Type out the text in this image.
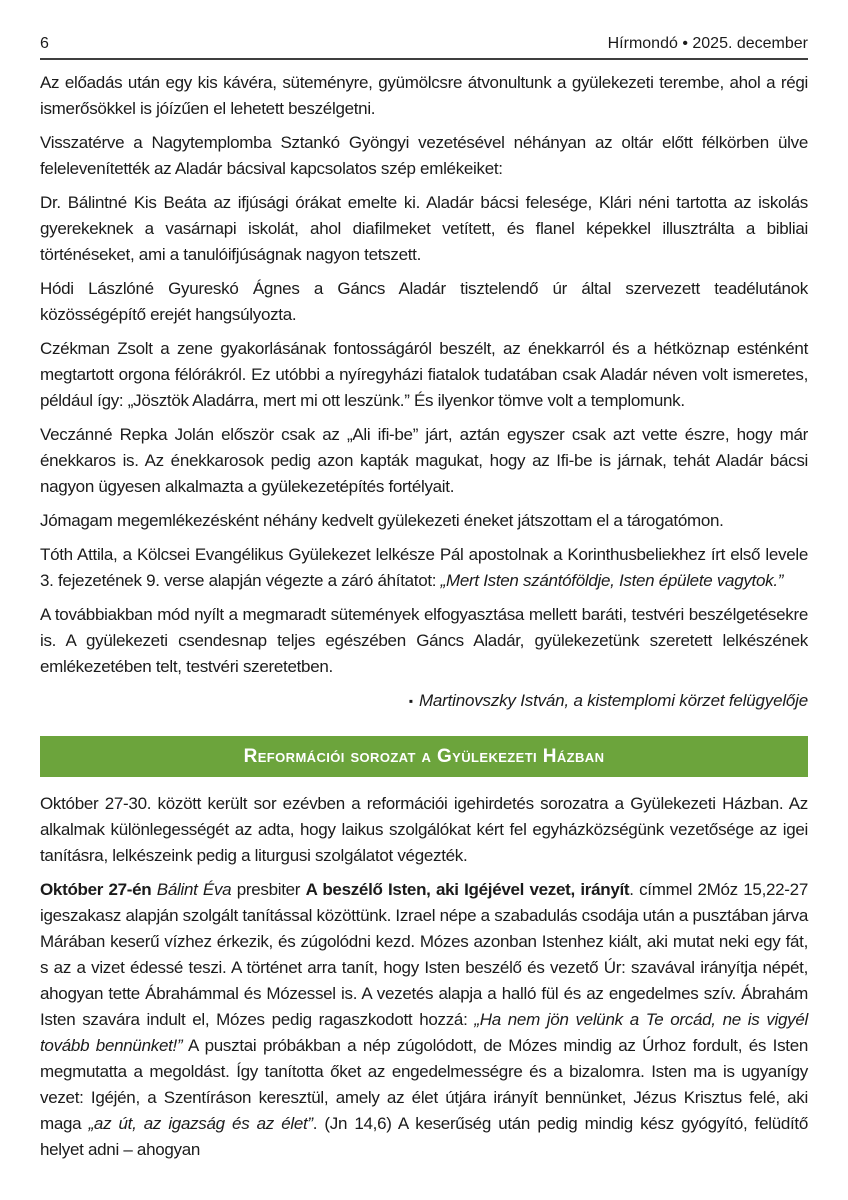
6	Hírmondó • 2025. december

Az előadás után egy kis kávéra, süteményre, gyümölcsre átvonultunk a gyülekezeti terembe, ahol a régi ismerősökkel is jóízűen el lehetett beszélgetni.

Visszatérve a Nagytemplomba Sztankó Gyöngyi vezetésével néhányan az oltár előtt félkörben ülve felelevenítették az Aladár bácsival kapcsolatos szép emlékeiket:

Dr. Bálintné Kis Beáta az ifjúsági órákat emelte ki. Aladár bácsi felesége, Klári néni tartotta az iskolás gyerekeknek a vasárnapi iskolát, ahol diafilmeket vetített, és flanel képekkel illusztrálta a bibliai történéseket, ami a tanulóifjúságnak nagyon tetszett.

Hódi Lászlóné Gyureskó Ágnes a Gáncs Aladár tisztelendő úr által szervezett teadélutánok közösségépítő erejét hangsúlyozta.

Czékman Zsolt a zene gyakorlásának fontosságáról beszélt, az énekkarról és a hétköznap esténként megtartott orgona félórákról. Ez utóbbi a nyíregyházi fiatalok tudatában csak Aladár néven volt ismeretes, például így: „Jösztök Aladárra, mert mi ott leszünk.” És ilyenkor tömve volt a templomunk.

Veczánné Repka Jolán először csak az „Ali ifi-be” járt, aztán egyszer csak azt vette észre, hogy már énekkaros is. Az énekkarosok pedig azon kapták magukat, hogy az Ifi-be is járnak, tehát Aladár bácsi nagyon ügyesen alkalmazta a gyülekezetépítés fortélyait.

Jómagam megemlékezésként néhány kedvelt gyülekezeti éneket játszottam el a tárogatómon.

Tóth Attila, a Kölcsei Evangélikus Gyülekezet lelkésze Pál apostolnak a Korinthusbeliekhez írt első levele 3. fejezetének 9. verse alapján végezte a záró áhítatot: „Mert Isten szántóföldje, Isten épülete vagytok.”

A továbbiakban mód nyílt a megmaradt sütemények elfogyasztása mellett baráti, testvéri beszélgetésekre is. A gyülekezeti csendesnap teljes egészében Gáncs Aladár, gyülekezetünk szeretett lelkészének emlékezetében telt, testvéri szeretetben.

▪ Martinovszky István, a kistemplomi körzet felügyelője

Reformációi sorozat a Gyülekezeti Házban

Október 27-30. között került sor ezévben a reformációi igehirdetés sorozatra a Gyülekezeti Házban. Az alkalmak különlegességét az adta, hogy laikus szolgálókat kért fel egyházközségünk vezetősége az igei tanításra, lelkészeink pedig a liturgusi szolgálatot végezték.

Október 27-én Bálint Éva presbiter A beszélő Isten, aki Igéjével vezet, irányít. címmel 2Móz 15,22-27 igeszakasz alapján szolgált tanítással közöttünk. Izrael népe a szabadulás csodája után a pusztában járva Márában keserű vízhez érkezik, és zúgolódni kezd. Mózes azonban Istenhez kiált, aki mutat neki egy fát, s az a vizet édessé teszi. A történet arra tanít, hogy Isten beszélő és vezető Úr: szavával irányítja népét, ahogyan tette Ábrahámmal és Mózessel is. A vezetés alapja a halló fül és az engedelmes szív. Ábrahám Isten szavára indult el, Mózes pedig ragaszkodott hozzá: „Ha nem jön velünk a Te orcád, ne is vigyél tovább bennünket!” A pusztai próbákban a nép zúgolódott, de Mózes mindig az Úrhoz fordult, és Isten megmutatta a megoldást. Így tanította őket az engedelmességre és a bizalomra. Isten ma is ugyanígy vezet: Igéjén, a Szentíráson keresztül, amely az élet útjára irányít bennünket, Jézus Krisztus felé, aki maga „az út, az igazság és az élet”. (Jn 14,6) A keserűség után pedig mindig kész gyógyító, felüdítő helyet adni – ahogyan
